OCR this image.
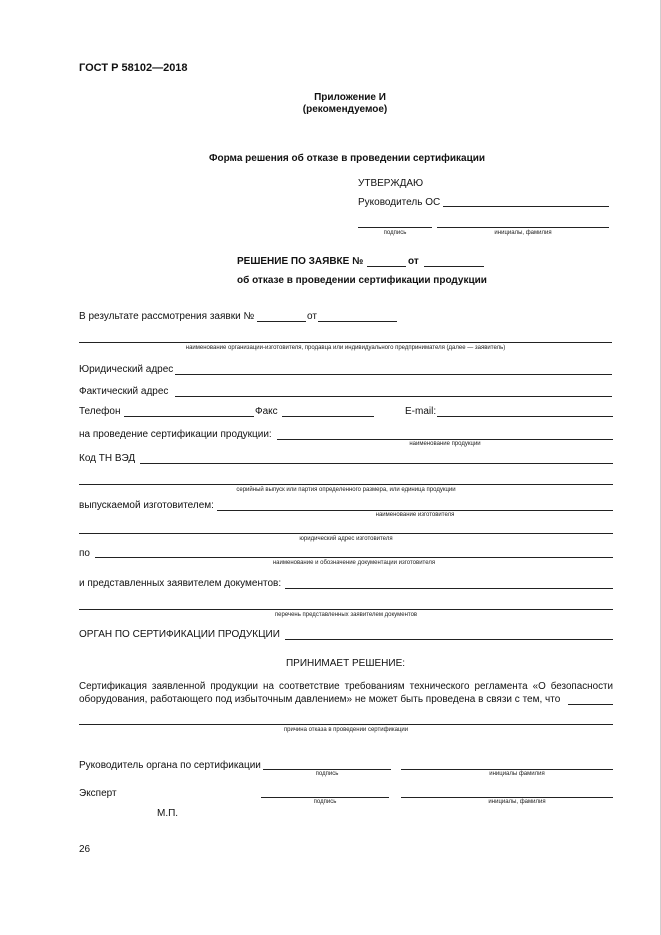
ГОСТ Р 58102—2018
Приложение И
(рекомендуемое)
Форма решения об отказе в проведении сертификации
УТВЕРЖДАЮ
Руководитель ОС
подпись	инициалы, фамилия
РЕШЕНИЕ ПО ЗАЯВКЕ №	от
об отказе в проведении сертификации продукции
В результате рассмотрения заявки №	от
наименование организации-изготовителя, продавца или индивидуального предпринимателя (далее — заявитель)
Юридический адрес
Фактический адрес
Телефон	Факс	E-mail:
на проведение сертификации продукции:
наименование продукции
Код ТН ВЭД
серийный выпуск или партия определенного размера, или единица продукции
выпускаемой изготовителем:
наименование изготовителя
юридический адрес изготовителя
по
наименование и обозначение документации изготовителя
и представленных заявителем документов:
перечень представленных заявителем документов
ОРГАН ПО СЕРТИФИКАЦИИ ПРОДУКЦИИ
ПРИНИМАЕТ РЕШЕНИЕ:
Сертификация заявленной продукции на соответствие требованиям технического регламента «О безопасности
оборудования, работающего под избыточным давлением» не может быть проведена в связи с тем, что
причина отказа в проведении сертификации
Руководитель органа по сертификации
подпись	инициалы фамилия
Эксперт
подпись	инициалы, фамилия
М.П.
26
